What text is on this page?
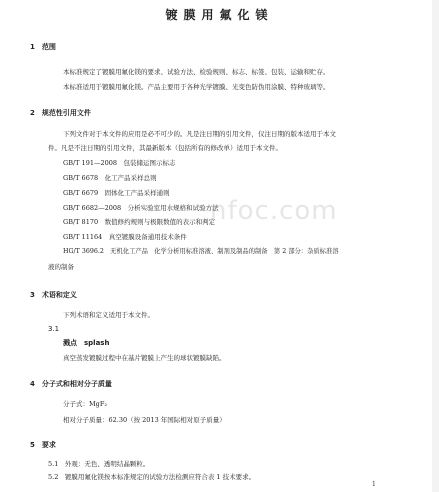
nfoc.com
镀膜用氟化镁
1　范围
本标准规定了镀膜用氟化镁的要求、试验方法、检验规则、标志、标签、包装、运输和贮存。
本标准适用于镀膜用氟化镁。产品主要用于各种光学镀膜、光变色防伪用涂膜、特种玻璃等。
2　规范性引用文件
下列文件对于本文件的应用是必不可少的。凡是注日期的引用文件，仅注日期的版本适用于本文
件。凡是不注日期的引用文件，其最新版本（包括所有的修改单）适用于本文件。
GB/T 191—2008　包装储运图示标志
GB/T 6678　化工产品采样总则
GB/T 6679　固体化工产品采样通则
GB/T 6682—2008　分析实验室用水规格和试验方法
GB/T 8170　数值修约规则与极限数值的表示和判定
GB/T 11164　真空镀膜设备通用技术条件
HG/T 3696.2　无机化工产品　化学分析用标准溶液、制剂及制品的制备　第 2 部分：杂质标准溶
液的制备
3　术语和定义
下列术语和定义适用于本文件。
3.1
溅点　splash
真空蒸发镀膜过程中在基片镀膜上产生的球状镀膜缺陷。
4　分子式和相对分子质量
分子式：MgF₂
相对分子质量：62.30（按 2013 年国际相对原子质量）
5　要求
5.1　外观：无色、透明结晶颗粒。
5.2　镀膜用氟化镁按本标准规定的试验方法检测应符合表 1 技术要求。
1
